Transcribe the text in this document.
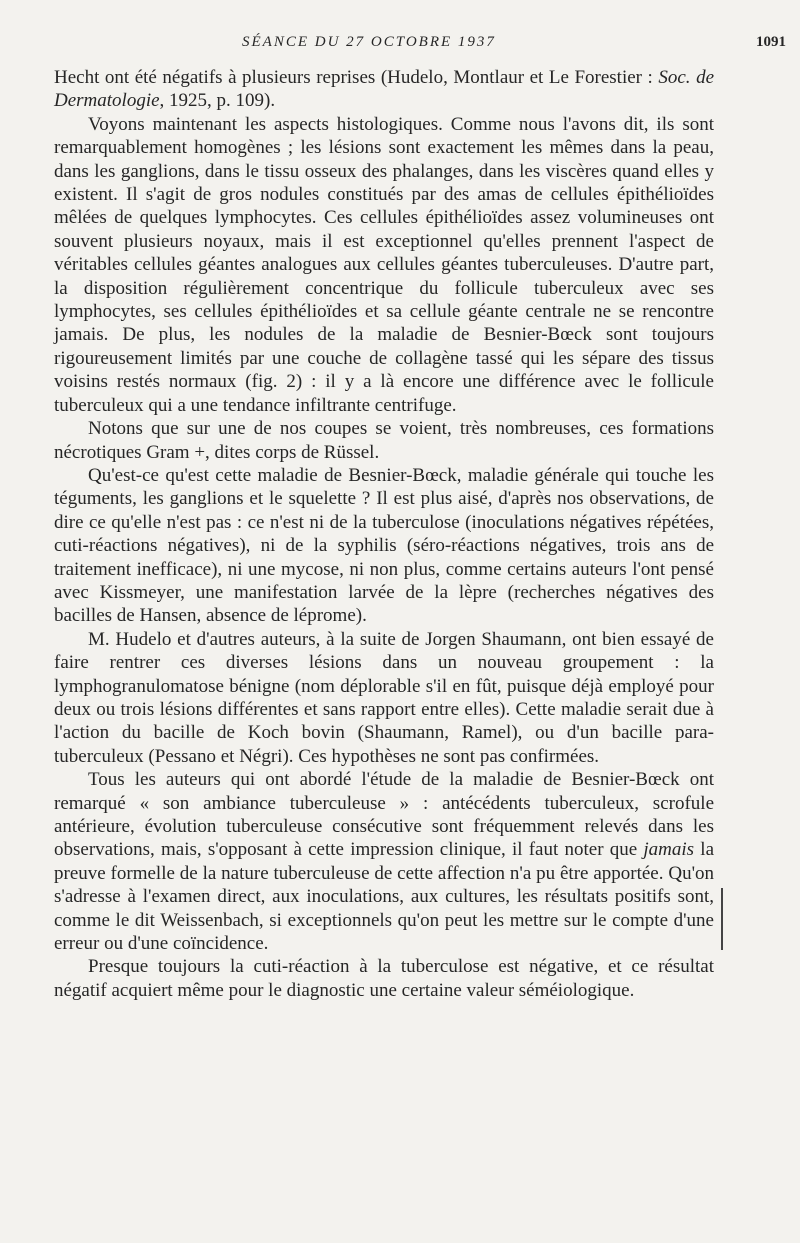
SÉANCE DU 27 OCTOBRE 1937	1091

Hecht ont été négatifs à plusieurs reprises (Hudelo, Montlaur et Le Forestier : Soc. de Dermatologie, 1925, p. 109).

Voyons maintenant les aspects histologiques. Comme nous l'avons dit, ils sont remarquablement homogènes ; les lésions sont exactement les mêmes dans la peau, dans les ganglions, dans le tissu osseux des phalanges, dans les viscères quand elles y existent. Il s'agit de gros nodules constitués par des amas de cellules épithélioïdes mêlées de quelques lymphocytes. Ces cellules épithélioïdes assez volumineuses ont souvent plusieurs noyaux, mais il est exceptionnel qu'elles prennent l'aspect de véritables cellules géantes analogues aux cellules géantes tuberculeuses. D'autre part, la disposition régulièrement concentrique du follicule tuberculeux avec ses lymphocytes, ses cellules épithélioïdes et sa cellule géante centrale ne se rencontre jamais. De plus, les nodules de la maladie de Besnier-Bœck sont toujours rigoureusement limités par une couche de collagène tassé qui les sépare des tissus voisins restés normaux (fig. 2) : il y a là encore une différence avec le follicule tuberculeux qui a une tendance infiltrante centrifuge.

Notons que sur une de nos coupes se voient, très nombreuses, ces formations nécrotiques Gram +, dites corps de Rüssel.

Qu'est-ce qu'est cette maladie de Besnier-Bœck, maladie générale qui touche les téguments, les ganglions et le squelette ? Il est plus aisé, d'après nos observations, de dire ce qu'elle n'est pas : ce n'est ni de la tuberculose (inoculations négatives répétées, cuti-réactions négatives), ni de la syphilis (séro-réactions négatives, trois ans de traitement inefficace), ni une mycose, ni non plus, comme certains auteurs l'ont pensé avec Kissmeyer, une manifestation larvée de la lèpre (recherches négatives des bacilles de Hansen, absence de léprome).

M. Hudelo et d'autres auteurs, à la suite de Jorgen Shaumann, ont bien essayé de faire rentrer ces diverses lésions dans un nouveau groupement : la lymphogranulomatose bénigne (nom déplorable s'il en fût, puisque déjà employé pour deux ou trois lésions différentes et sans rapport entre elles). Cette maladie serait due à l'action du bacille de Koch bovin (Shaumann, Ramel), ou d'un bacille para-tuberculeux (Pessano et Négri). Ces hypothèses ne sont pas confirmées.

Tous les auteurs qui ont abordé l'étude de la maladie de Besnier-Bœck ont remarqué « son ambiance tuberculeuse » : antécédents tuberculeux, scrofule antérieure, évolution tuberculeuse consécutive sont fréquemment relevés dans les observations, mais, s'opposant à cette impression clinique, il faut noter que jamais la preuve formelle de la nature tuberculeuse de cette affection n'a pu être apportée. Qu'on s'adresse à l'examen direct, aux inoculations, aux cultures, les résultats positifs sont, comme le dit Weissenbach, si exceptionnels qu'on peut les mettre sur le compte d'une erreur ou d'une coïncidence.

Presque toujours la cuti-réaction à la tuberculose est négative, et ce résultat négatif acquiert même pour le diagnostic une certaine valeur séméiologique.
